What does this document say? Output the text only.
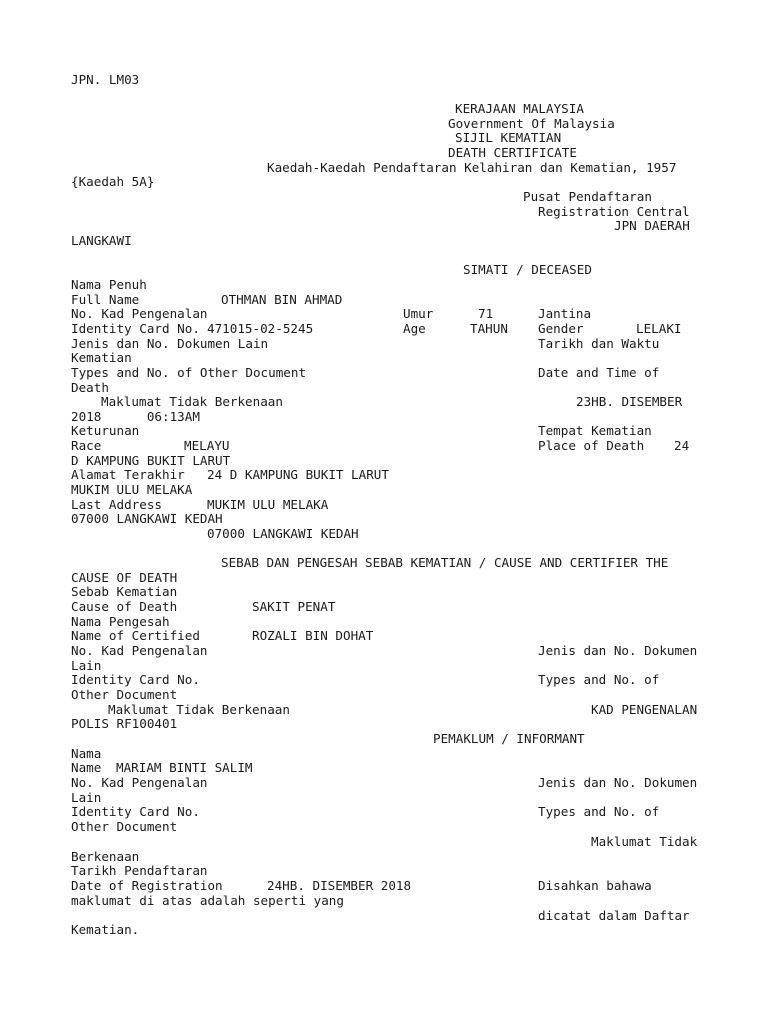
JPN. LM03
KERAJAAN MALAYSIA
Government Of Malaysia
SIJIL KEMATIAN
DEATH CERTIFICATE
Kaedah-Kaedah Pendaftaran Kelahiran dan Kematian, 1957
{Kaedah 5A}
Pusat Pendaftaran
Registration Central
JPN DAERAH
LANGKAWI
SIMATI / DECEASED
Nama Penuh
Full Name	OTHMAN BIN AHMAD
No. Kad Pengenalan	Umur	71	Jantina
Identity Card No. 471015-02-5245	Age	TAHUN Gender	LELAKI
Jenis dan No. Dokumen Lain	Tarikh dan Waktu
Kematian
Types and No. of Other Document	Date and Time of
Death
Maklumat Tidak Berkenaan	23HB. DISEMBER
2018      06:13AM
Keturunan	Tempat Kematian
Race	MELAYU	Place of Death 24
D KAMPUNG BUKIT LARUT
Alamat Terakhir 24 D KAMPUNG BUKIT LARUT
MUKIM ULU MELAKA
Last Address	MUKIM ULU MELAKA
07000 LANGKAWI KEDAH
07000 LANGKAWI KEDAH
SEBAB DAN PENGESAH SEBAB KEMATIAN / CAUSE AND CERTIFIER THE
CAUSE OF DEATH
Sebab Kematian
Cause of Death	SAKIT PENAT
Nama Pengesah
Name of Certified	ROZALI BIN DOHAT
No. Kad Pengenalan	Jenis dan No. Dokumen
Lain
Identity Card No.	Types and No. of
Other Document
Maklumat Tidak Berkenaan	KAD PENGENALAN
POLIS RF100401
PEMAKLUM / INFORMANT
Nama
Name MARIAM BINTI SALIM
No. Kad Pengenalan	Jenis dan No. Dokumen
Lain
Identity Card No.	Types and No. of
Other Document
Maklumat Tidak
Berkenaan
Tarikh Pendaftaran
Date of Registration	24HB. DISEMBER 2018	Disahkan bahawa
maklumat di atas adalah seperti yang
dicatat dalam Daftar
Kematian.
